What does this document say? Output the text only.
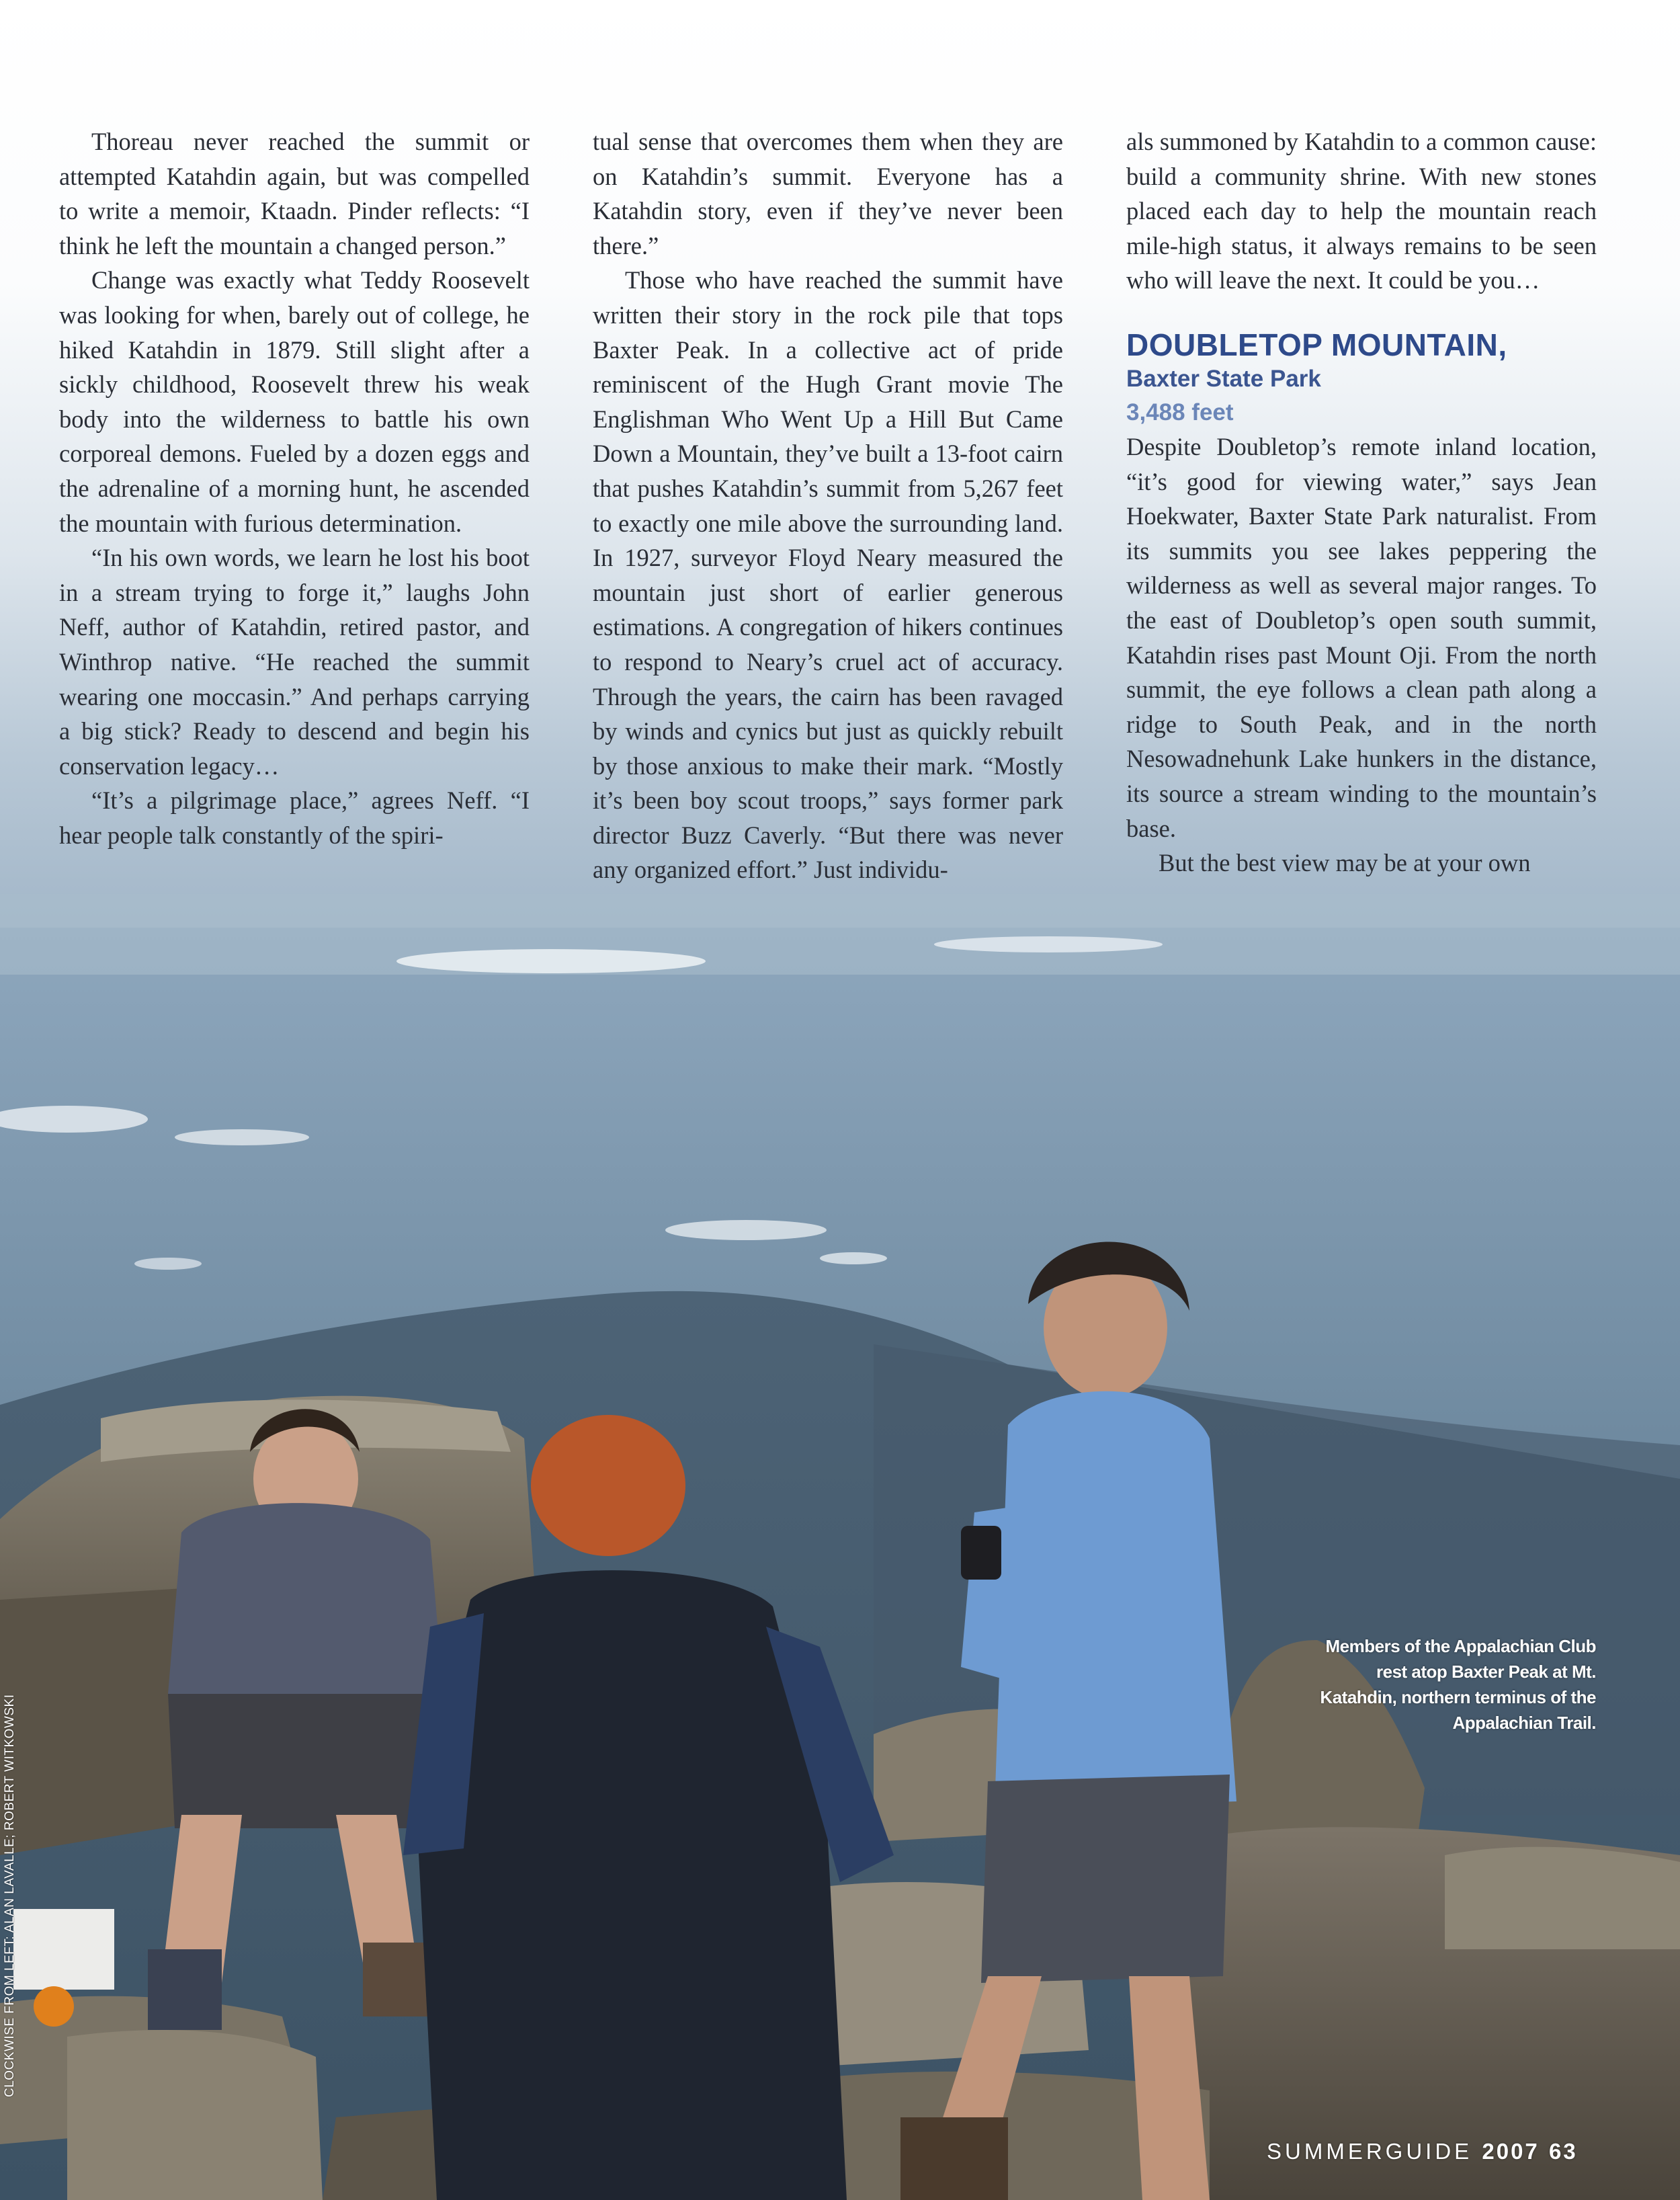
Thoreau never reached the summit or attempted Katahdin again, but was compelled to write a memoir, Ktaadn. Pinder reflects: “I think he left the mountain a changed person.”

Change was exactly what Teddy Roosevelt was looking for when, barely out of college, he hiked Katahdin in 1879. Still slight after a sickly childhood, Roosevelt threw his weak body into the wilderness to battle his own corporeal demons. Fueled by a dozen eggs and the adrenaline of a morning hunt, he ascended the mountain with furious determination.

“In his own words, we learn he lost his boot in a stream trying to forge it,” laughs John Neff, author of Katahdin, retired pastor, and Winthrop native. “He reached the summit wearing one moccasin.” And perhaps carrying a big stick? Ready to descend and begin his conservation legacy…

“It’s a pilgrimage place,” agrees Neff. “I hear people talk constantly of the spiri-

tual sense that overcomes them when they are on Katahdin’s summit. Everyone has a Katahdin story, even if they’ve never been there.”

Those who have reached the summit have written their story in the rock pile that tops Baxter Peak. In a collective act of pride reminiscent of the Hugh Grant movie The Englishman Who Went Up a Hill But Came Down a Mountain, they’ve built a 13-foot cairn that pushes Katahdin’s summit from 5,267 feet to exactly one mile above the surrounding land. In 1927, surveyor Floyd Neary measured the mountain just short of earlier generous estimations. A congregation of hikers continues to respond to Neary’s cruel act of accuracy. Through the years, the cairn has been ravaged by winds and cynics but just as quickly rebuilt by those anxious to make their mark. “Mostly it’s been boy scout troops,” says former park director Buzz Caverly. “But there was never any organized effort.” Just individu-

als summoned by Katahdin to a common cause: build a community shrine. With new stones placed each day to help the mountain reach mile-high status, it always remains to be seen who will leave the next. It could be you…

DOUBLETOP MOUNTAIN,
Baxter State Park
3,488 feet

Despite Doubletop’s remote inland location, “it’s good for viewing water,” says Jean Hoekwater, Baxter State Park naturalist. From its summits you see lakes peppering the wilderness as well as several major ranges. To the east of Doubletop’s open south summit, Katahdin rises past Mount Oji. From the north summit, the eye follows a clean path along a ridge to South Peak, and in the north Nesowadnehunk Lake hunkers in the distance, its source a stream winding to the mountain’s base.

But the best view may be at your own

Members of the Appalachian Club rest atop Baxter Peak at Mt. Katahdin, northern terminus of the Appalachian Trail.
CLOCKWISE FROM LEFT: ALAN LAVALLE; ROBERT WITKOWSKI
SUMMERGUIDE 2007 63
